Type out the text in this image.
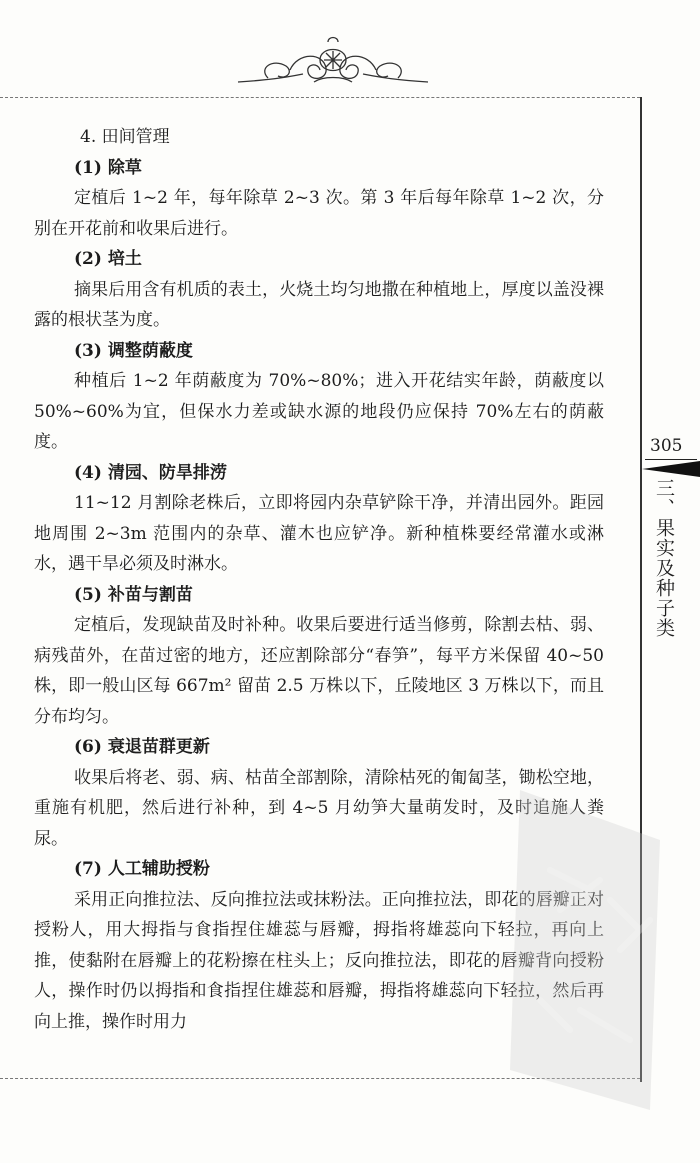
305
三、果实及种子类

4. 田间管理

(1) 除草

定植后 1~2 年，每年除草 2~3 次。第 3 年后每年除草 1~2 次，分别在开花前和收果后进行。

(2) 培土

摘果后用含有机质的表土，火烧土均匀地撒在种植地上，厚度以盖没裸露的根状茎为度。

(3) 调整荫蔽度

种植后 1~2 年荫蔽度为 70%~80%；进入开花结实年龄，荫蔽度以 50%~60%为宜，但保水力差或缺水源的地段仍应保持 70%左右的荫蔽度。

(4) 清园、防旱排涝

11~12 月割除老株后，立即将园内杂草铲除干净，并清出园外。距园地周围 2~3m 范围内的杂草、灌木也应铲净。新种植株要经常灌水或淋水，遇干旱必须及时淋水。

(5) 补苗与割苗

定植后，发现缺苗及时补种。收果后要进行适当修剪，除割去枯、弱、病残苗外，在苗过密的地方，还应割除部分“春笋”，每平方米保留 40~50 株，即一般山区每 667m² 留苗 2.5 万株以下，丘陵地区 3 万株以下，而且分布均匀。

(6) 衰退苗群更新

收果后将老、弱、病、枯苗全部割除，清除枯死的匍匐茎，锄松空地，重施有机肥，然后进行补种，到 4~5 月幼笋大量萌发时，及时追施人粪尿。

(7) 人工辅助授粉

采用正向推拉法、反向推拉法或抹粉法。正向推拉法，即花的唇瓣正对授粉人，用大拇指与食指捏住雄蕊与唇瓣，拇指将雄蕊向下轻拉，再向上推，使黏附在唇瓣上的花粉擦在柱头上；反向推拉法，即花的唇瓣背向授粉人，操作时仍以拇指和食指捏住雄蕊和唇瓣，拇指将雄蕊向下轻拉，然后再向上推，操作时用力
